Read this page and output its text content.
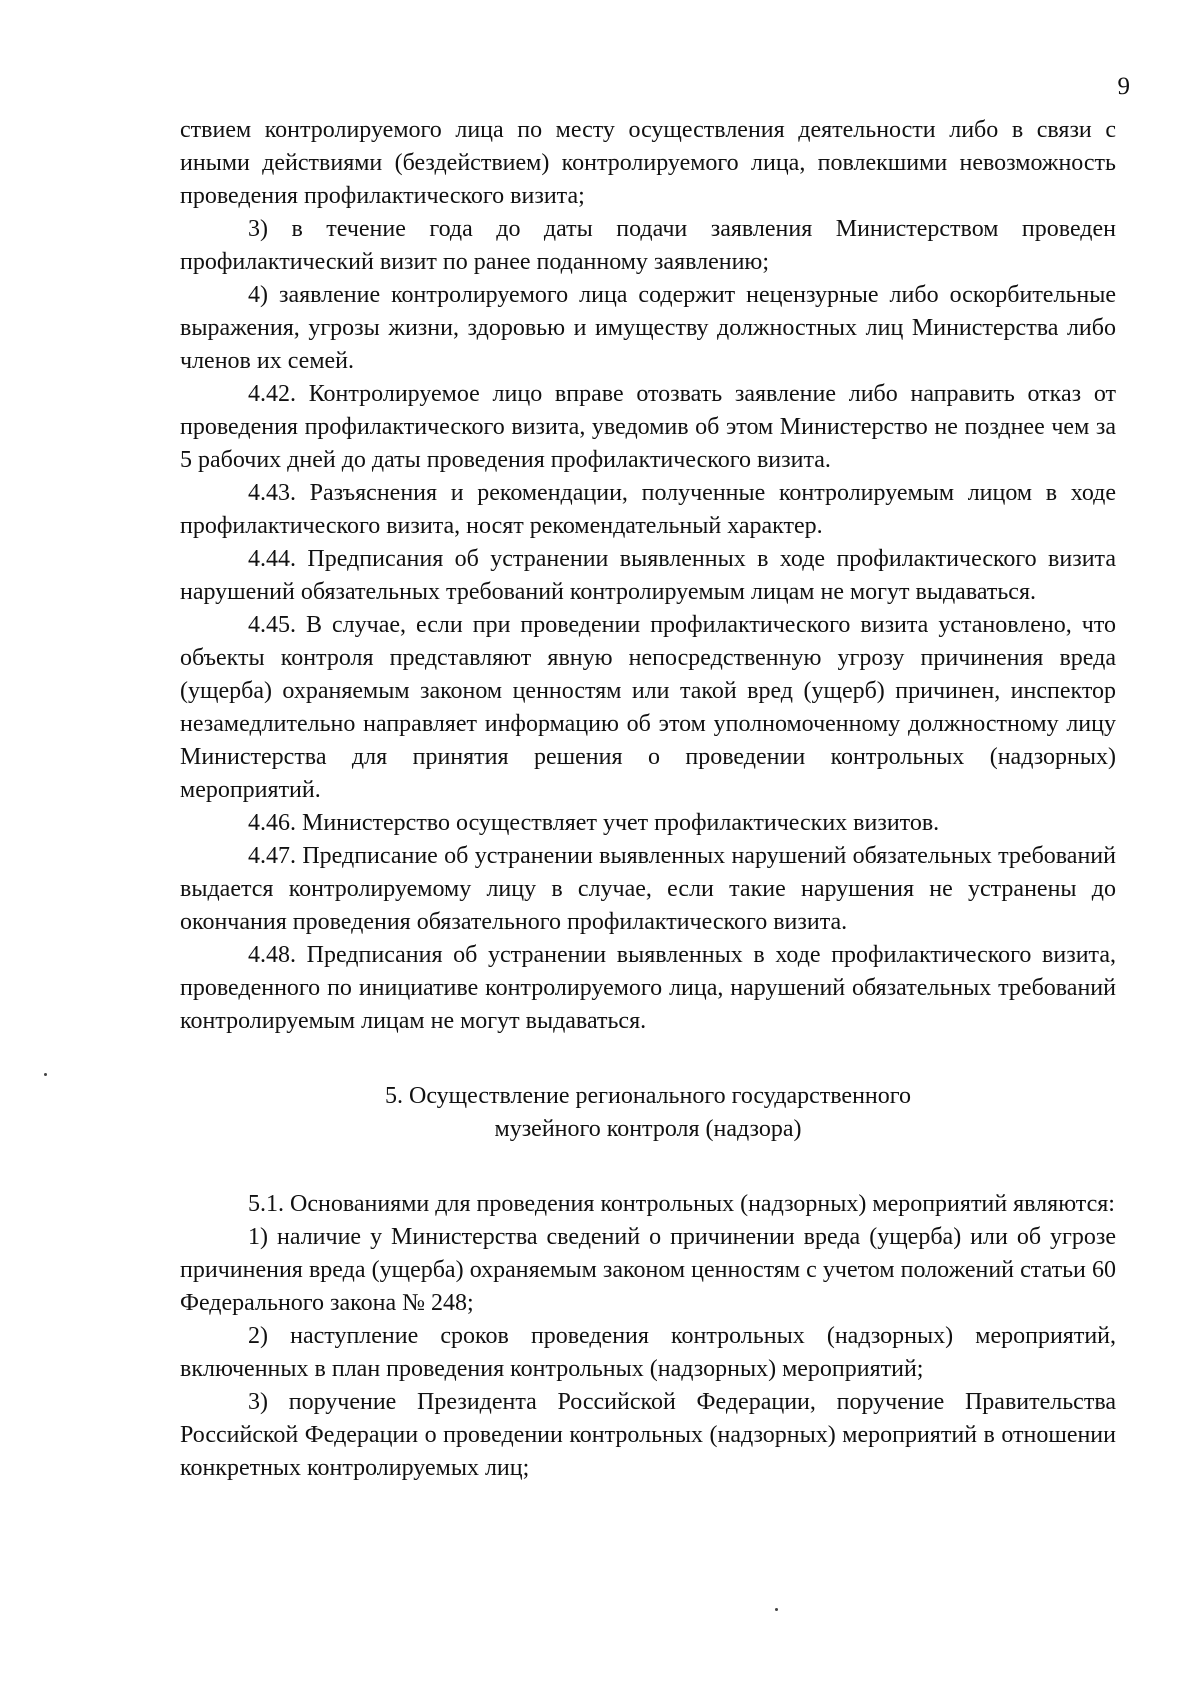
9

ствием контролируемого лица по месту осуществления деятельности либо в связи с иными действиями (бездействием) контролируемого лица, повлекшими невозможность проведения профилактического визита;

3) в течение года до даты подачи заявления Министерством проведен профилактический визит по ранее поданному заявлению;

4) заявление контролируемого лица содержит нецензурные либо оскорбительные выражения, угрозы жизни, здоровью и имуществу должностных лиц Министерства либо членов их семей.

4.42. Контролируемое лицо вправе отозвать заявление либо направить отказ от проведения профилактического визита, уведомив об этом Министерство не позднее чем за 5 рабочих дней до даты проведения профилактического визита.

4.43. Разъяснения и рекомендации, полученные контролируемым лицом в ходе профилактического визита, носят рекомендательный характер.

4.44. Предписания об устранении выявленных в ходе профилактического визита нарушений обязательных требований контролируемым лицам не могут выдаваться.

4.45. В случае, если при проведении профилактического визита установлено, что объекты контроля представляют явную непосредственную угрозу причинения вреда (ущерба) охраняемым законом ценностям или такой вред (ущерб) причинен, инспектор незамедлительно направляет информацию об этом уполномоченному должностному лицу Министерства для принятия решения о проведении контрольных (надзорных) мероприятий.

4.46. Министерство осуществляет учет профилактических визитов.

4.47. Предписание об устранении выявленных нарушений обязательных требований выдается контролируемому лицу в случае, если такие нарушения не устранены до окончания проведения обязательного профилактического визита.

4.48. Предписания об устранении выявленных в ходе профилактического визита, проведенного по инициативе контролируемого лица, нарушений обязательных требований контролируемым лицам не могут выдаваться.

5. Осуществление регионального государственного
музейного контроля (надзора)

5.1. Основаниями для проведения контрольных (надзорных) мероприятий являются:

1) наличие у Министерства сведений о причинении вреда (ущерба) или об угрозе причинения вреда (ущерба) охраняемым законом ценностям с учетом положений статьи 60 Федерального закона № 248;

2) наступление сроков проведения контрольных (надзорных) мероприятий, включенных в план проведения контрольных (надзорных) мероприятий;

3) поручение Президента Российской Федерации, поручение Правительства Российской Федерации о проведении контрольных (надзорных) мероприятий в отношении конкретных контролируемых лиц;
